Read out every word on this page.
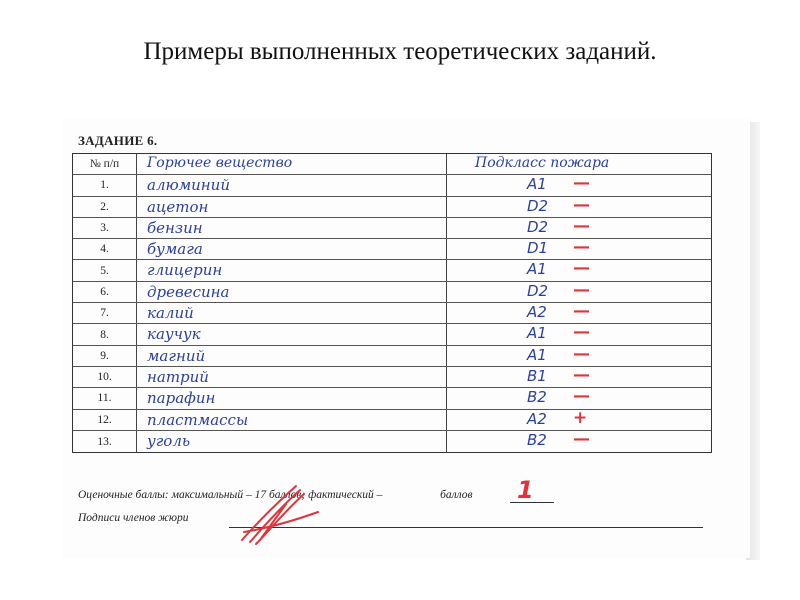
Примеры выполненных теоретических заданий.
ЗАДАНИЕ 6.
№ п/п	Горючее вещество	Подкласс пожара
1.	алюминий	A1 —
2.	ацетон	D2 —
3.	бензин	D2 —
4.	бумага	D1 —
5.	глицерин	A1 —
6.	древесина	D2 —
7.	калий	A2 —
8.	каучук	A1 —
9.	магний	A1 —
10.	натрий	B1 —
11.	парафин	B2 —
12.	пластмассы	A2 +
13.	уголь	B2 —
Оценочные баллы: максимальный – 17 баллов; фактический –	баллов 1
Подписи членов жюри
